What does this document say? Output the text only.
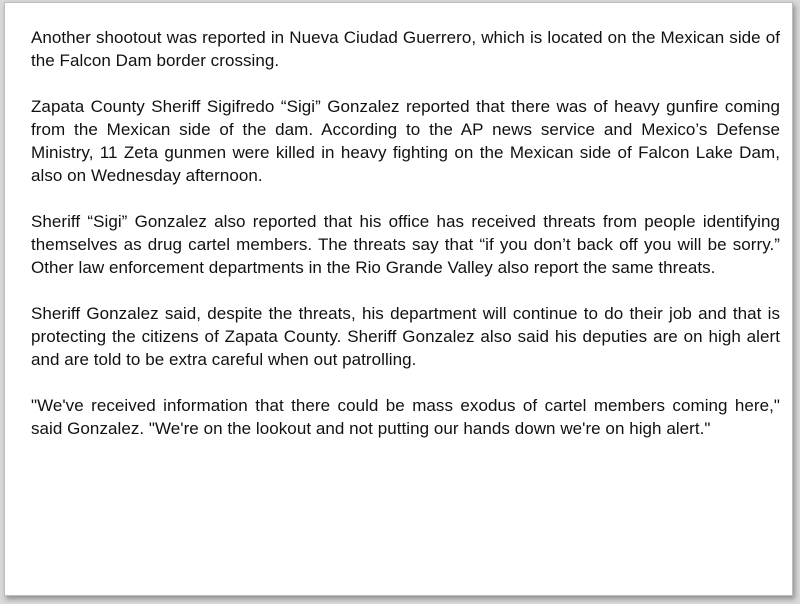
Another shootout was reported in Nueva Ciudad Guerrero, which is located on the Mexican side of the Falcon Dam border crossing.

Zapata County Sheriff Sigifredo “Sigi” Gonzalez reported that there was of heavy gunfire coming from the Mexican side of the dam. According to the AP news service and Mexico’s Defense Ministry, 11 Zeta gunmen were killed in heavy fighting on the Mexican side of Falcon Lake Dam, also on Wednesday afternoon.

Sheriff “Sigi” Gonzalez also reported that his office has received threats from people identifying themselves as drug cartel members. The threats say that “if you don’t back off you will be sorry.” Other law enforcement departments in the Rio Grande Valley also report the same threats.

Sheriff Gonzalez said, despite the threats, his department will continue to do their job and that is protecting the citizens of Zapata County. Sheriff Gonzalez also said his deputies are on high alert and are told to be extra careful when out patrolling.

"We've received information that there could be mass exodus of cartel members coming here," said Gonzalez. "We're on the lookout and not putting our hands down we're on high alert."
